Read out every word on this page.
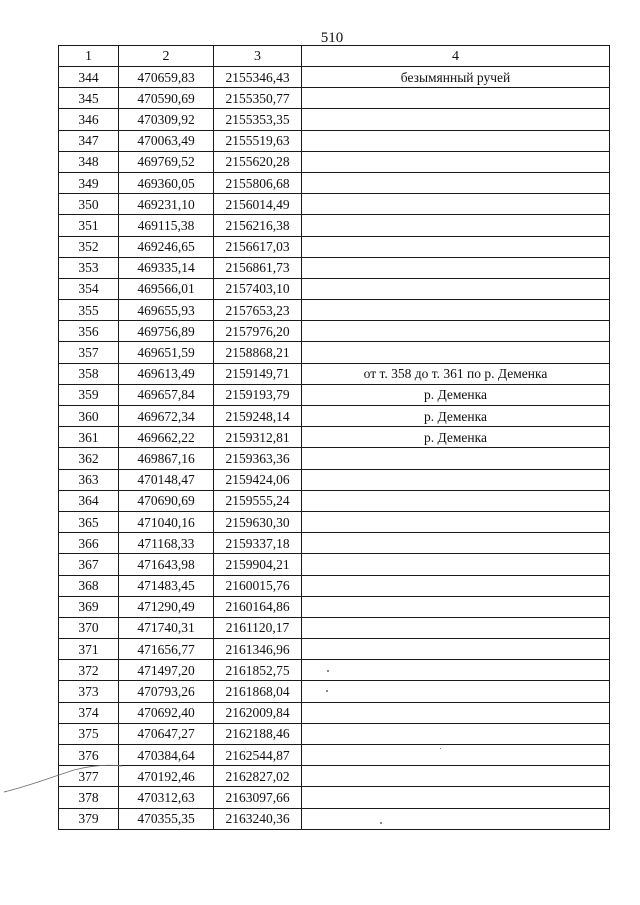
510
1	2	3	4
344	470659,83	2155346,43	безымянный ручей
345	470590,69	2155350,77	
346	470309,92	2155353,35	
347	470063,49	2155519,63	
348	469769,52	2155620,28	
349	469360,05	2155806,68	
350	469231,10	2156014,49	
351	469115,38	2156216,38	
352	469246,65	2156617,03	
353	469335,14	2156861,73	
354	469566,01	2157403,10	
355	469655,93	2157653,23	
356	469756,89	2157976,20	
357	469651,59	2158868,21	
358	469613,49	2159149,71	от т. 358 до т. 361 по р. Деменка
359	469657,84	2159193,79	р. Деменка
360	469672,34	2159248,14	р. Деменка
361	469662,22	2159312,81	р. Деменка
362	469867,16	2159363,36	
363	470148,47	2159424,06	
364	470690,69	2159555,24	
365	471040,16	2159630,30	
366	471168,33	2159337,18	
367	471643,98	2159904,21	
368	471483,45	2160015,76	
369	471290,49	2160164,86	
370	471740,31	2161120,17	
371	471656,77	2161346,96	
372	471497,20	2161852,75	
373	470793,26	2161868,04	
374	470692,40	2162009,84	
375	470647,27	2162188,46	
376	470384,64	2162544,87	
377	470192,46	2162827,02	
378	470312,63	2163097,66	
379	470355,35	2163240,36	
